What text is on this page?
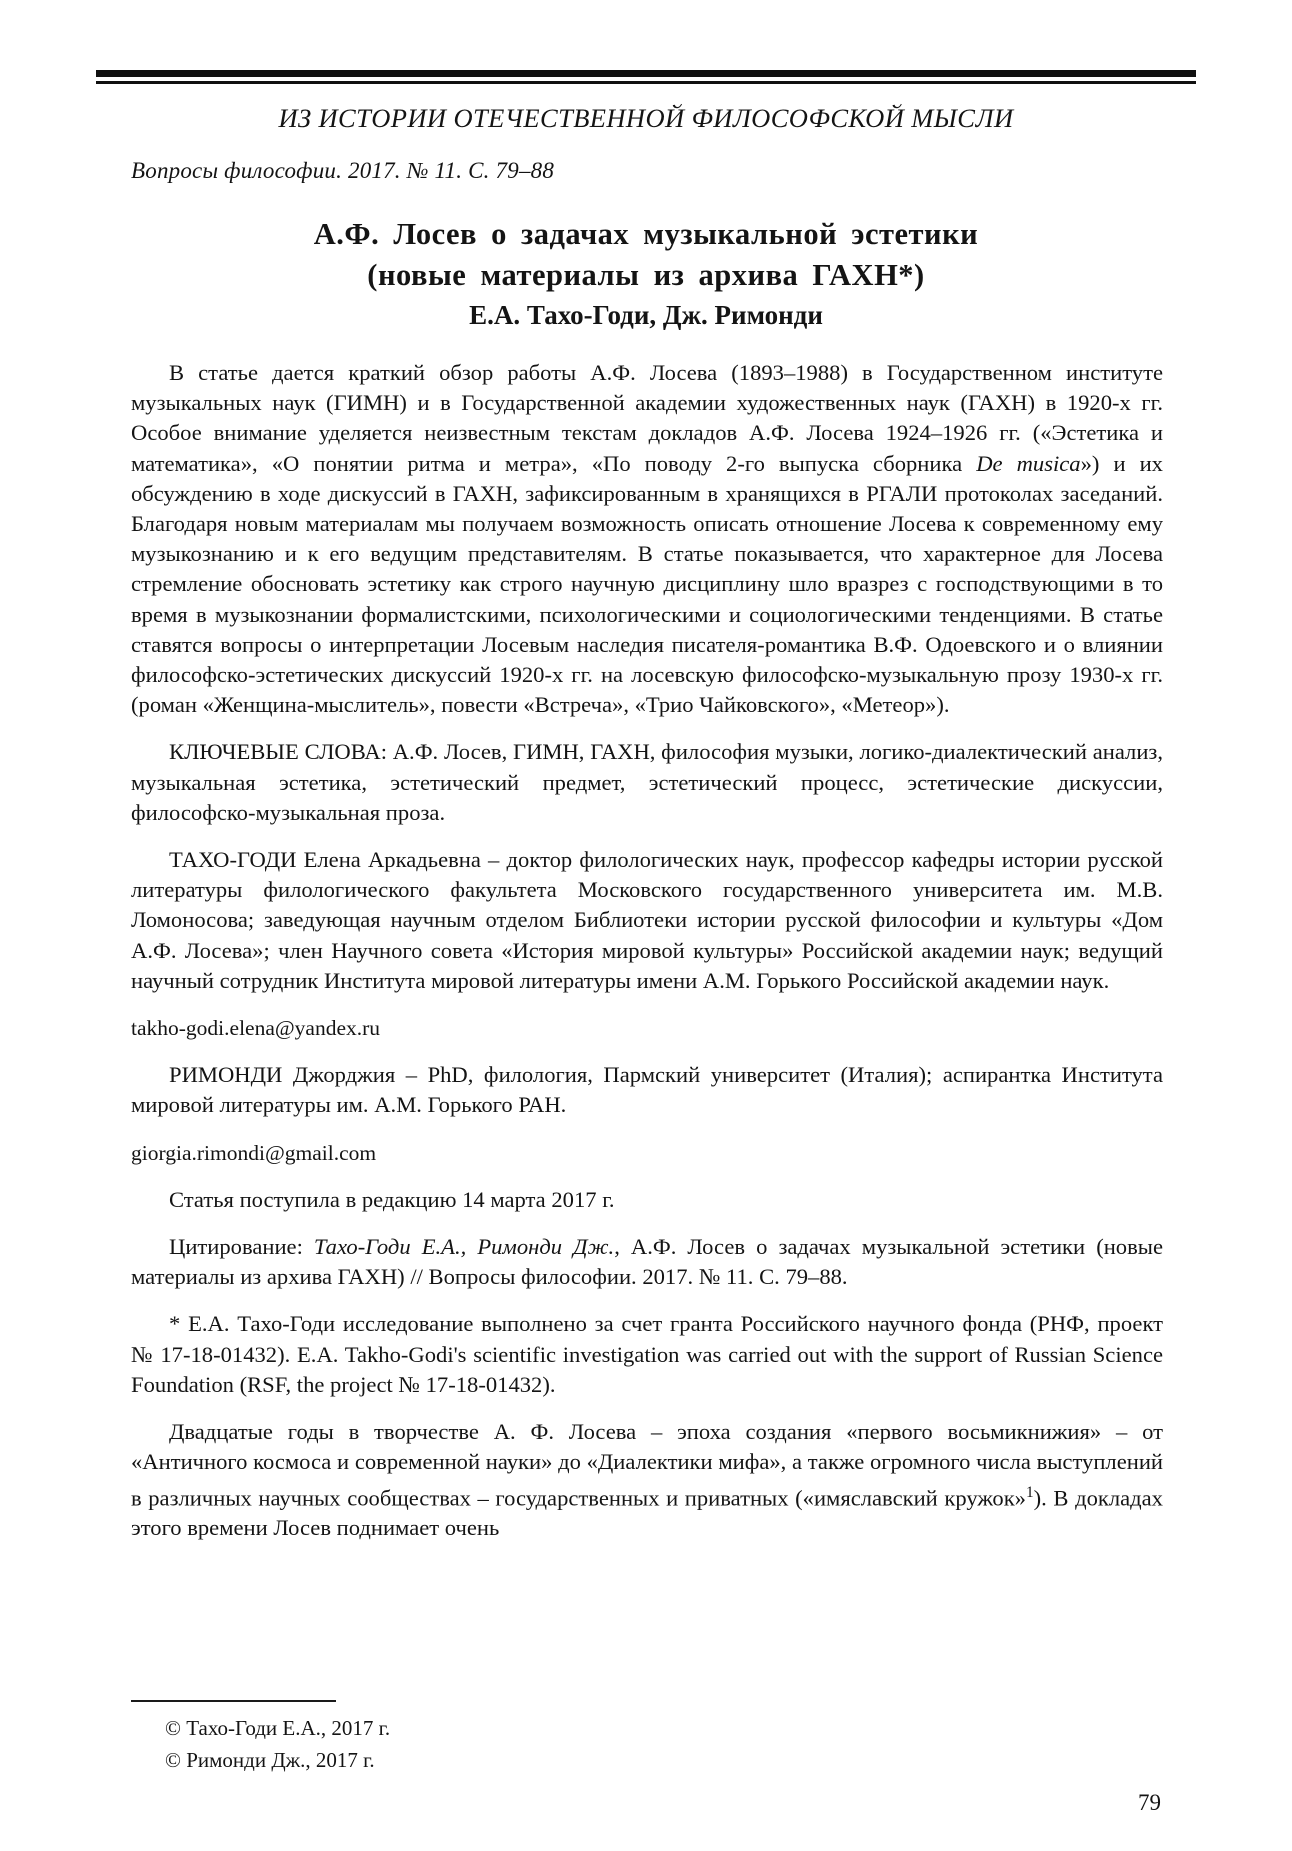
ИЗ ИСТОРИИ ОТЕЧЕСТВЕННОЙ ФИЛОСОФСКОЙ МЫСЛИ
Вопросы философии. 2017. № 11. С. 79–88
А.Ф. Лосев о задачах музыкальной эстетики
(новые материалы из архива ГАХН*)
Е.А. Тахо-Годи, Дж. Римонди

В статье дается краткий обзор работы А.Ф. Лосева (1893–1988) в Государственном институте музыкальных наук (ГИМН) и в Государственной академии художественных наук (ГАХН) в 1920-х гг. Особое внимание уделяется неизвестным текстам докладов А.Ф. Лосева 1924–1926 гг. («Эстетика и математика», «О понятии ритма и метра», «По поводу 2-го выпуска сборника De musica») и их обсуждению в ходе дискуссий в ГАХН, зафиксированным в хранящихся в РГАЛИ протоколах заседаний. Благодаря новым материалам мы получаем возможность описать отношение Лосева к современному ему музыкознанию и к его ведущим представителям. В статье показывается, что характерное для Лосева стремление обосновать эстетику как строго научную дисциплину шло вразрез с господствующими в то время в музыкознании формалистскими, психологическими и социологическими тенденциями. В статье ставятся вопросы о интерпретации Лосевым наследия писателя-романтика В.Ф. Одоевского и о влиянии философско-эстетических дискуссий 1920-х гг. на лосевскую философско-музыкальную прозу 1930-х гг. (роман «Женщина-мыслитель», повести «Встреча», «Трио Чайковского», «Метеор»).

КЛЮЧЕВЫЕ СЛОВА: А.Ф. Лосев, ГИМН, ГАХН, философия музыки, логико-диалектический анализ, музыкальная эстетика, эстетический предмет, эстетический процесс, эстетические дискуссии, философско-музыкальная проза.

ТАХО-ГОДИ Елена Аркадьевна – доктор филологических наук, профессор кафедры истории русской литературы филологического факультета Московского государственного университета им. М.В. Ломоносова; заведующая научным отделом Библиотеки истории русской философии и культуры «Дом А.Ф. Лосева»; член Научного совета «История мировой культуры» Российской академии наук; ведущий научный сотрудник Института мировой литературы имени А.М. Горького Российской академии наук.

takho-godi.elena@yandex.ru

РИМОНДИ Джорджия – PhD, филология, Пармский университет (Италия); аспирантка Института мировой литературы им. А.М. Горького РАН.

giorgia.rimondi@gmail.com

Статья поступила в редакцию 14 марта 2017 г.

Цитирование: Тахо-Годи Е.А., Римонди Дж., А.Ф. Лосев о задачах музыкальной эстетики (новые материалы из архива ГАХН) // Вопросы философии. 2017. № 11. С. 79–88.

* Е.А. Тахо-Годи исследование выполнено за счет гранта Российского научного фонда (РНФ, проект № 17-18-01432). E.A. Takho-Godi's scientific investigation was carried out with the support of Russian Science Foundation (RSF, the project № 17-18-01432).

Двадцатые годы в творчестве А. Ф. Лосева – эпоха создания «первого восьмикнижия» – от «Античного космоса и современной науки» до «Диалектики мифа», а также огромного числа выступлений в различных научных сообществах – государственных и приватных («имяславский кружок»$^1$). В докладах этого времени Лосев поднимает очень

© Тахо-Годи Е.А., 2017 г.
© Римонди Дж., 2017 г.
79
